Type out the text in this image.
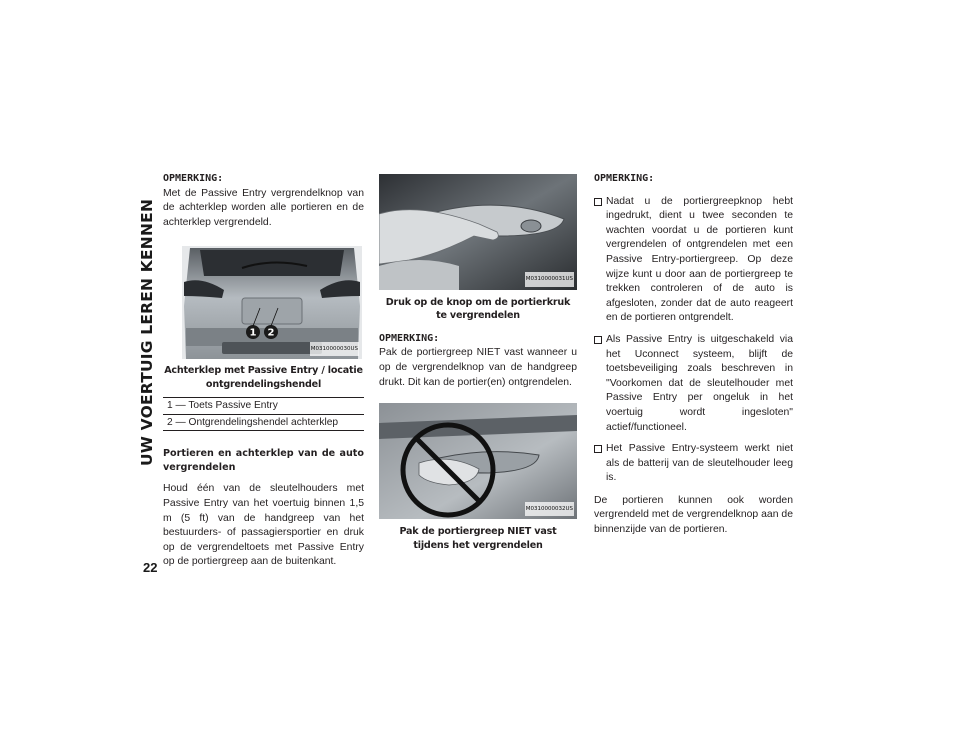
UW VOERTUIG LEREN KENNEN
22
OPMERKING:

Met de Passive Entry vergrendelknop van de achterklep worden alle portieren en de achterklep vergrendeld.

1 2
M0310000030US
Achterklep met Passive Entry / locatie ontgrendelingshendel
1 — Toets Passive Entry
2 — Ontgrendelingshendel achterklep
Portieren en achterklep van de auto vergrendelen

Houd één van de sleutelhouders met Passive Entry van het voertuig binnen 1,5 m (5 ft) van de handgreep van het bestuurders- of passagiersportier en druk op de vergrendeltoets met Passive Entry op de portiergreep aan de buitenkant.

M0310000031US
Druk op de knop om de portierkruk te vergrendelen
OPMERKING:

Pak de portiergreep NIET vast wanneer u op de vergrendelknop van de handgreep drukt. Dit kan de portier(en) ontgrendelen.

M0310000032US
Pak de portiergreep NIET vast tijdens het vergrendelen
OPMERKING:
Nadat u de portiergreepknop hebt ingedrukt, dient u twee seconden te wachten voordat u de portieren kunt vergrendelen of ontgrendelen met een Passive Entry-portiergreep. Op deze wijze kunt u door aan de portiergreep te trekken controleren of de auto is afgesloten, zonder dat de auto reageert en de portieren ontgrendelt.
Als Passive Entry is uitgeschakeld via het Uconnect systeem, blijft de toetsbeveiliging zoals beschreven in "Voorkomen dat de sleutelhouder met Passive Entry per ongeluk in het voertuig wordt ingesloten" actief/functioneel.
Het Passive Entry-systeem werkt niet als de batterij van de sleutelhouder leeg is.

De portieren kunnen ook worden vergrendeld met de vergrendelknop aan de binnenzijde van de portieren.
